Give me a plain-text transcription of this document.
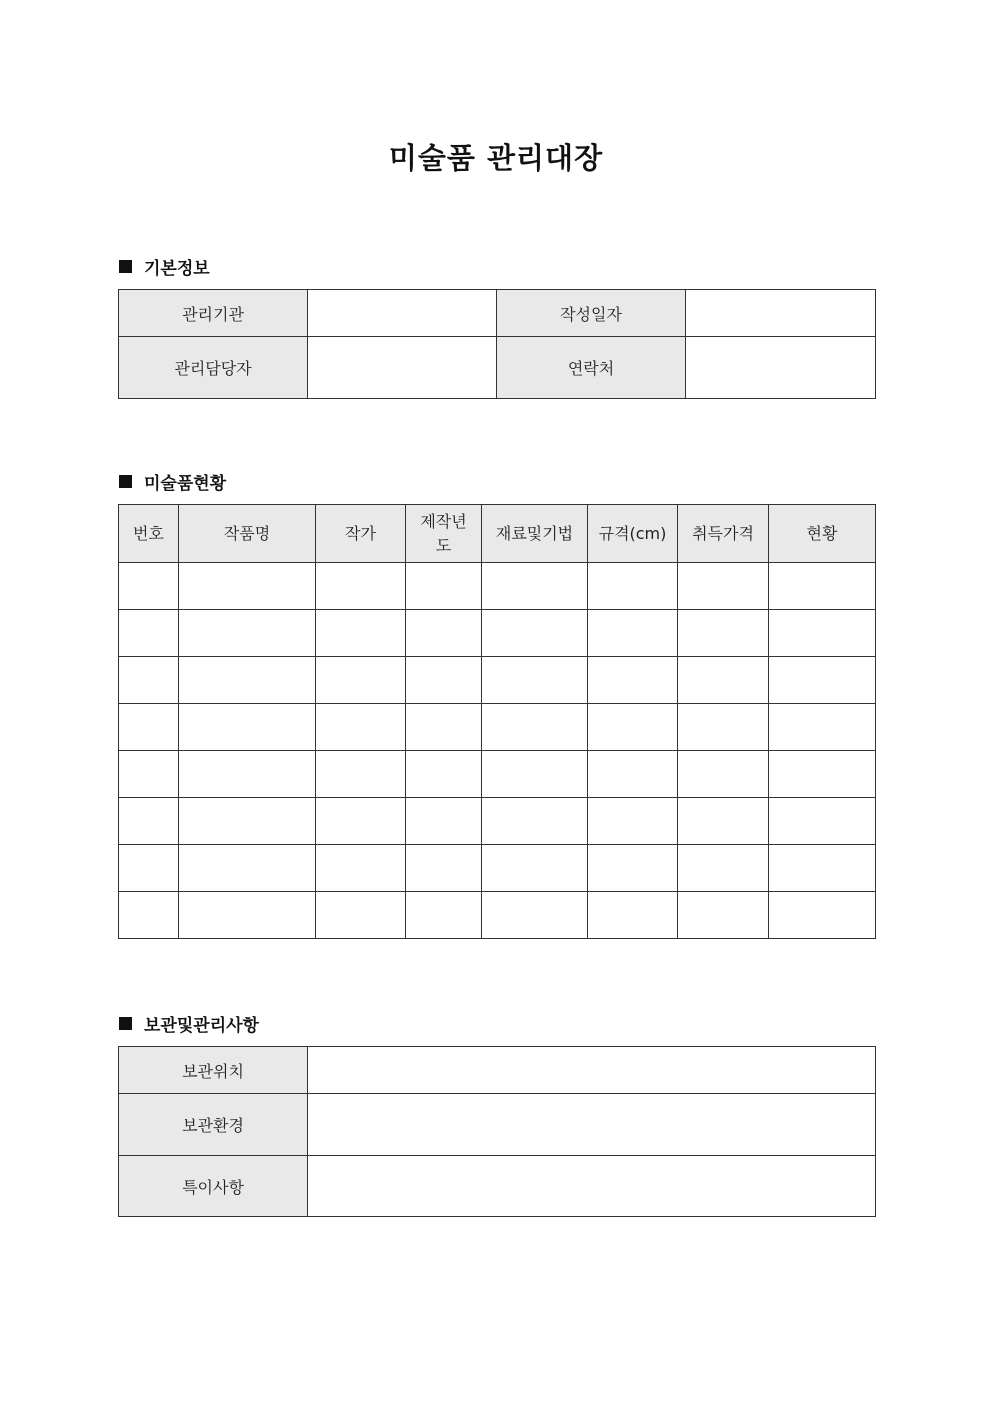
미술품 관리대장
기본정보
관리기관		작성일자	
관리담당자		연락처	
미술품현황
번호	작품명	작가	제작년도	재료및기법	규격(cm)	취득가격	현황

보관및관리사항
보관위치	
보관환경	
특이사항	
